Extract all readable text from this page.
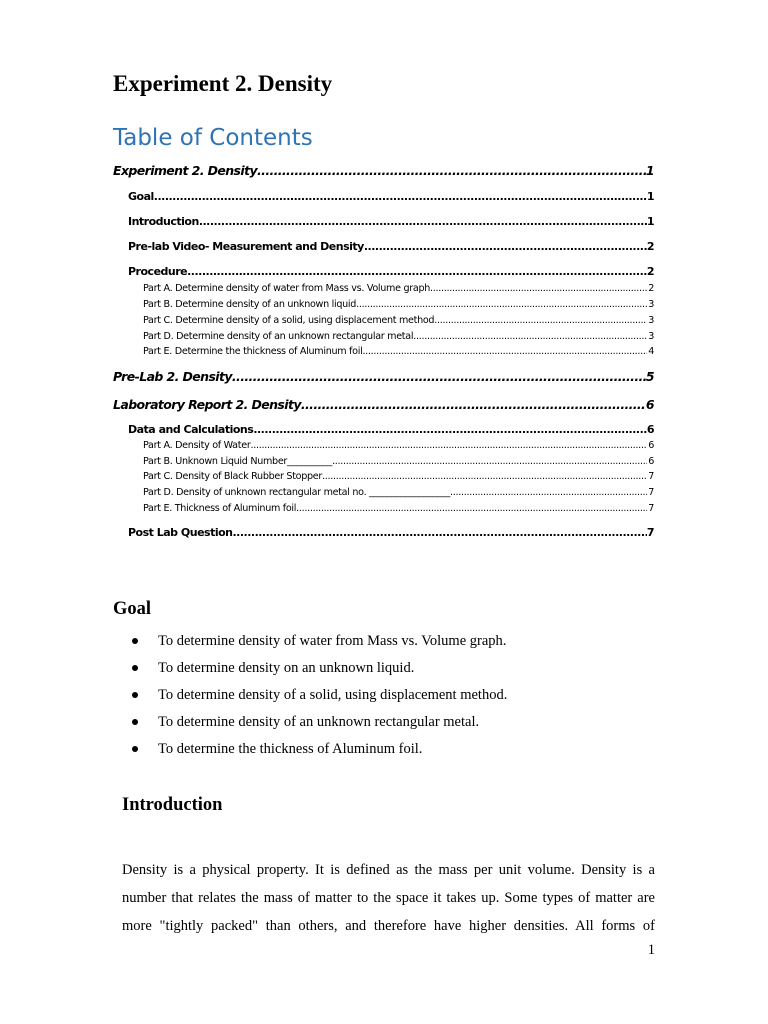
Experiment 2. Density
Table of Contents
Experiment 2. Density .....	1
Goal .....	1
Introduction .....	1
Pre-lab Video- Measurement and Density .....	2
Procedure .....	2
Part A. Determine density of water from Mass vs. Volume graph .....	2
Part B. Determine density of an unknown liquid .....	3
Part C. Determine density of a solid, using displacement method .....	3
Part D. Determine density of an unknown rectangular metal .....	3
Part E. Determine the thickness of Aluminum foil .....	4
Pre-Lab 2. Density .....	5
Laboratory Report 2. Density .....	6
Data and Calculations .....	6
Part A. Density of Water .....	6
Part B. Unknown Liquid Number__________ .....	6
Part C. Density of Black Rubber Stopper .....	7
Part D. Density of unknown rectangular metal no. __________________ .....	7
Part E. Thickness of Aluminum foil .....	7
Post Lab Question .....	7
Goal
To determine density of water from Mass vs. Volume graph.
To determine density on an unknown liquid.
To determine density of a solid, using displacement method.
To determine density of an unknown rectangular metal.
To determine the thickness of Aluminum foil.
Introduction

Density is a physical property. It is defined as the mass per unit volume. Density is a
number that relates the mass of matter to the space it takes up. Some types of matter are
more "tightly packed" than others, and therefore have higher densities. All forms of

1
